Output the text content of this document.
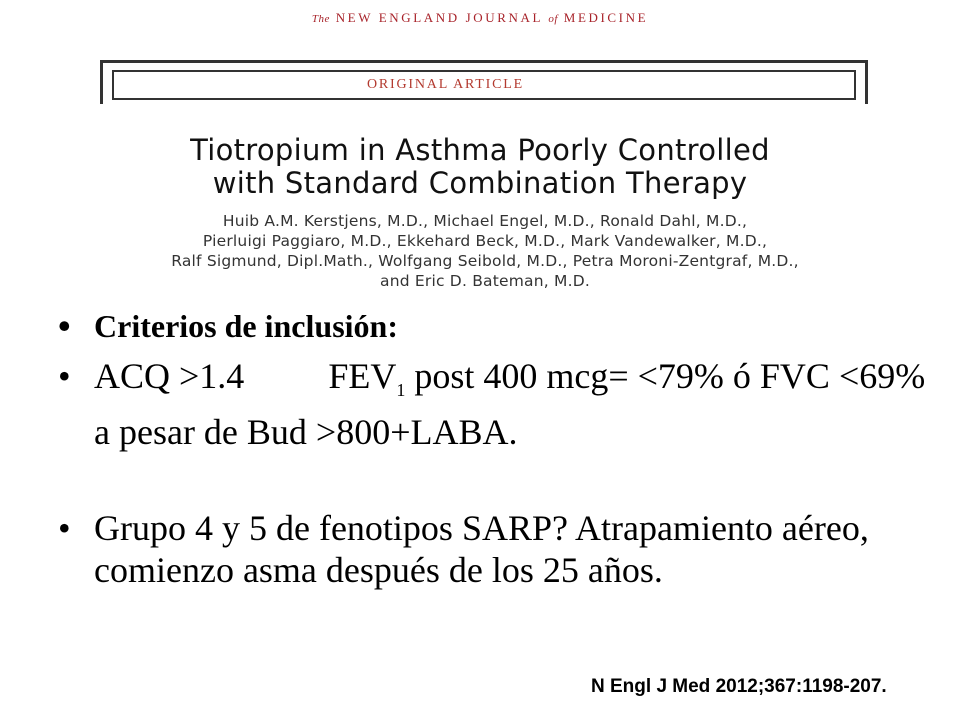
The NEW ENGLAND JOURNAL of MEDICINE
ORIGINAL ARTICLE
Tiotropium in Asthma Poorly Controlled
with Standard Combination Therapy
Huib A.M. Kerstjens, M.D., Michael Engel, M.D., Ronald Dahl, M.D.,
Pierluigi Paggiaro, M.D., Ekkehard Beck, M.D., Mark Vandewalker, M.D.,
Ralf Sigmund, Dipl.Math., Wolfgang Seibold, M.D., Petra Moroni-Zentgraf, M.D.,
and Eric D. Bateman, M.D.
• Criterios de inclusión:
• ACQ >1.4 $FEV_1$ post 400 mcg= <79% ó FVC <69% a pesar de Bud >800+LABA.
• Grupo 4 y 5 de fenotipos SARP? Atrapamiento aéreo, comienzo asma después de los 25 años.
N Engl J Med 2012;367:1198-207.
